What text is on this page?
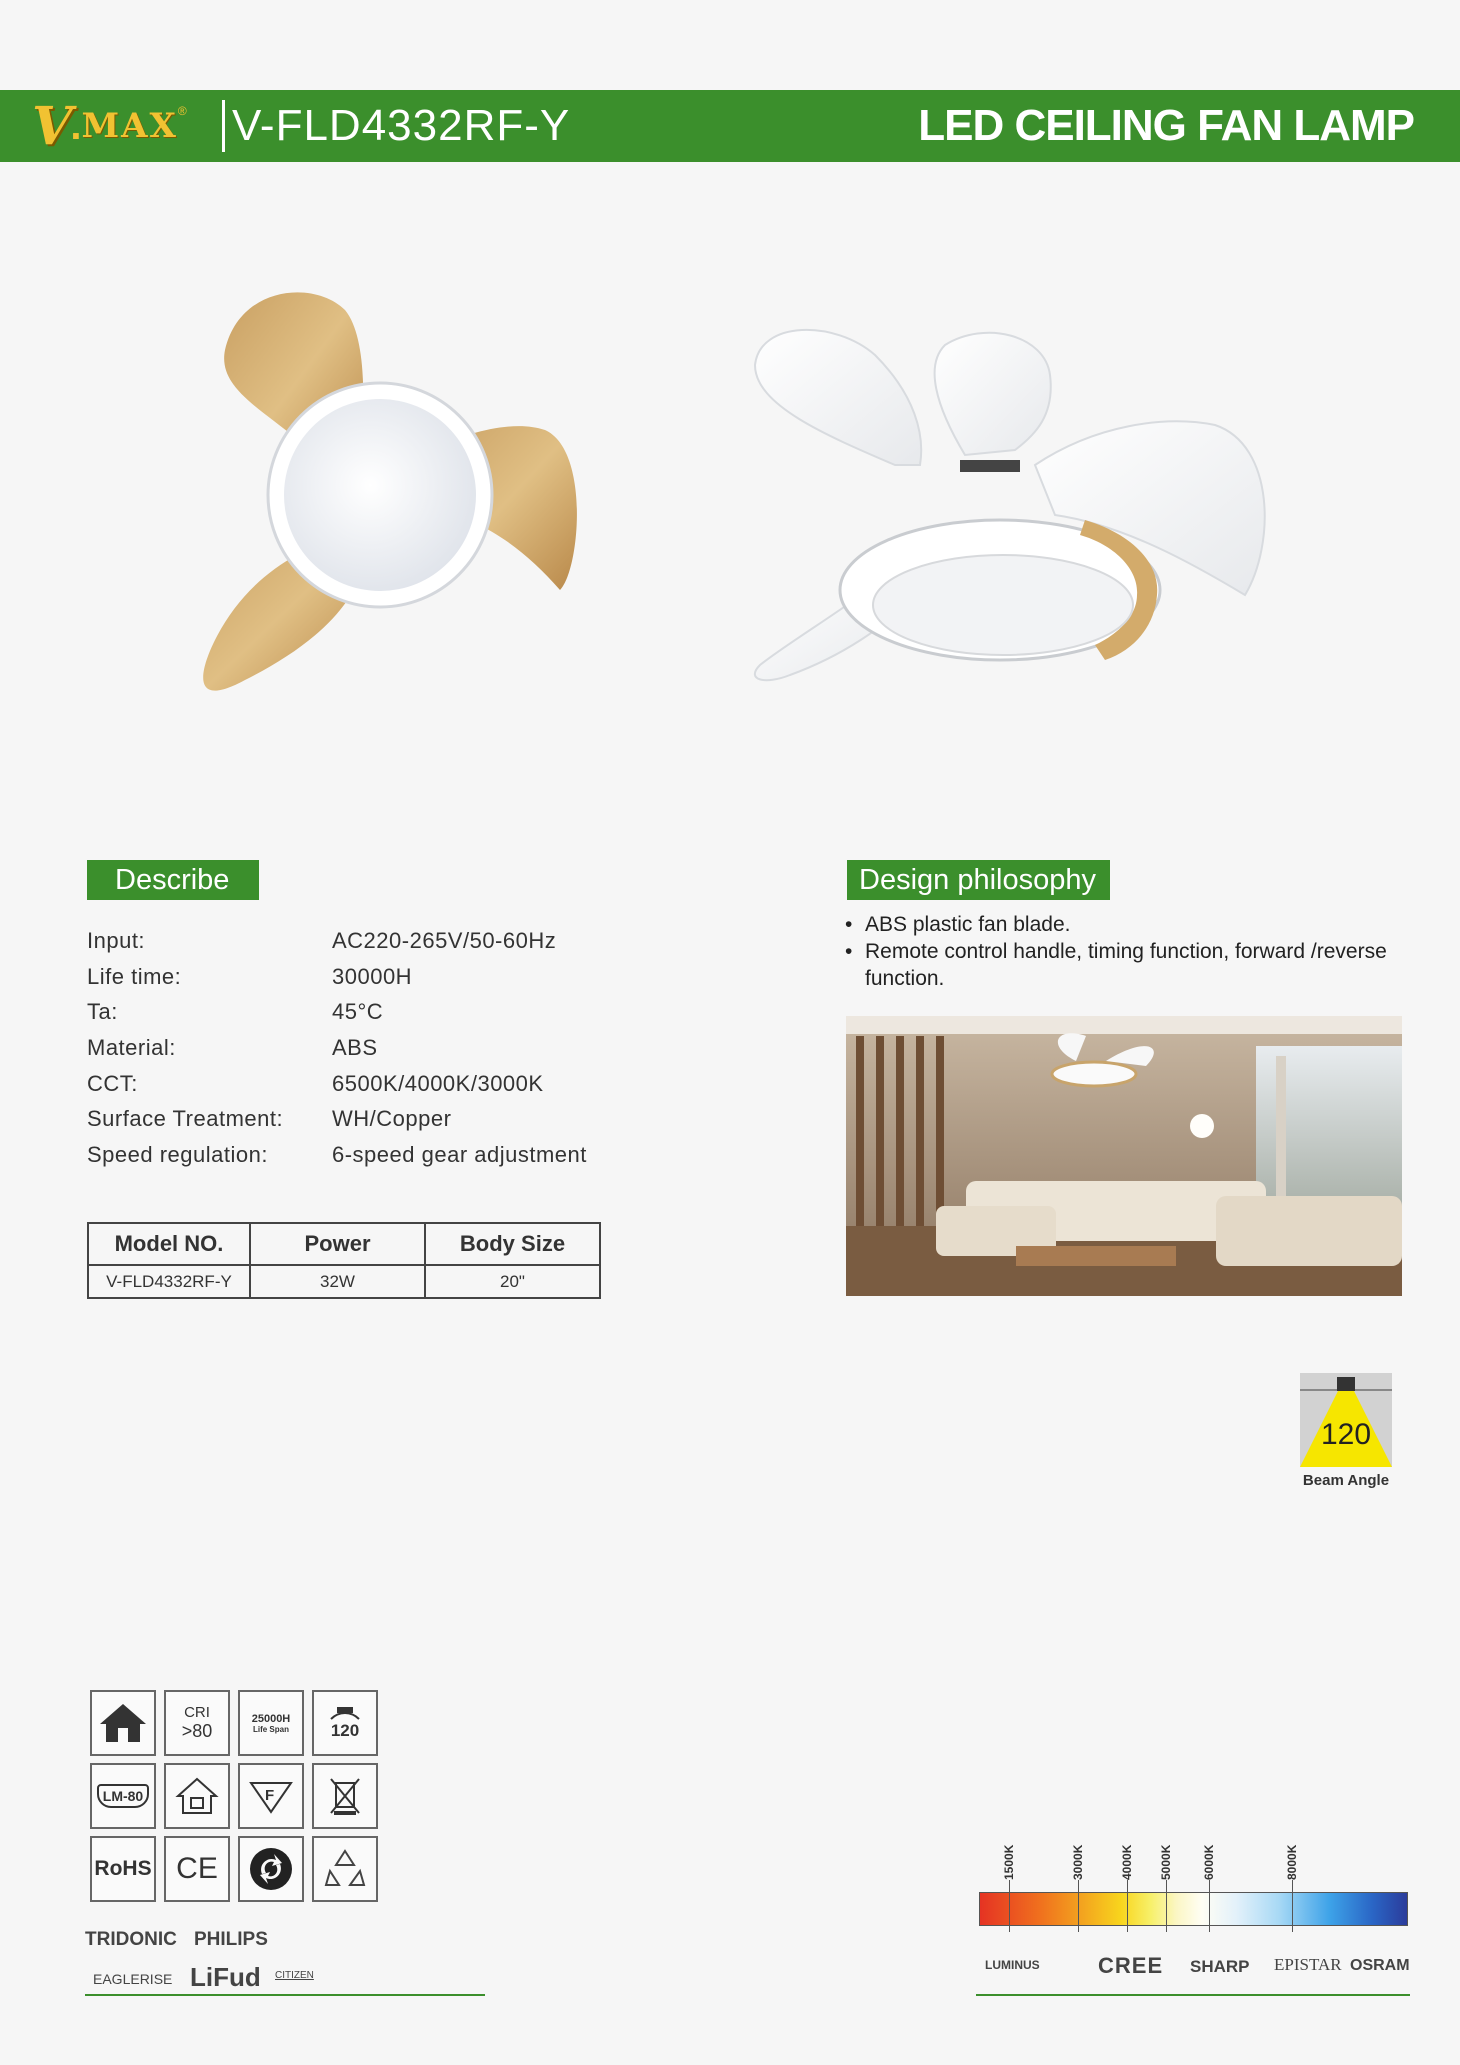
V . MAX ® V-FLD4332RF-Y	LED CEILING FAN LAMP
Describe
Input:	AC220-265V/50-60Hz
Life time:	30000H
Ta:	45°C
Material:	ABS
CCT:	6500K/4000K/3000K
Surface Treatment: WH/Copper
Speed regulation:	6-speed gear adjustment
Model NO.	Power	Body Size
V-FLD4332RF-Y	32W	20"
Design philosophy
• ABS plastic fan blade.
• Remote control handle, timing function, forward /reverse function.
120
Beam Angle
CRI
>80
25000H
Life Span 120
LM-80	F
RoHS CE
TRIDONIC PHILIPS
EAGLERISE LiFud CITIZEN
1500K	3000K	4000K 5000K 6000K	8000K
LUMINUS	CREE SHARP EPISTAR OSRAM
